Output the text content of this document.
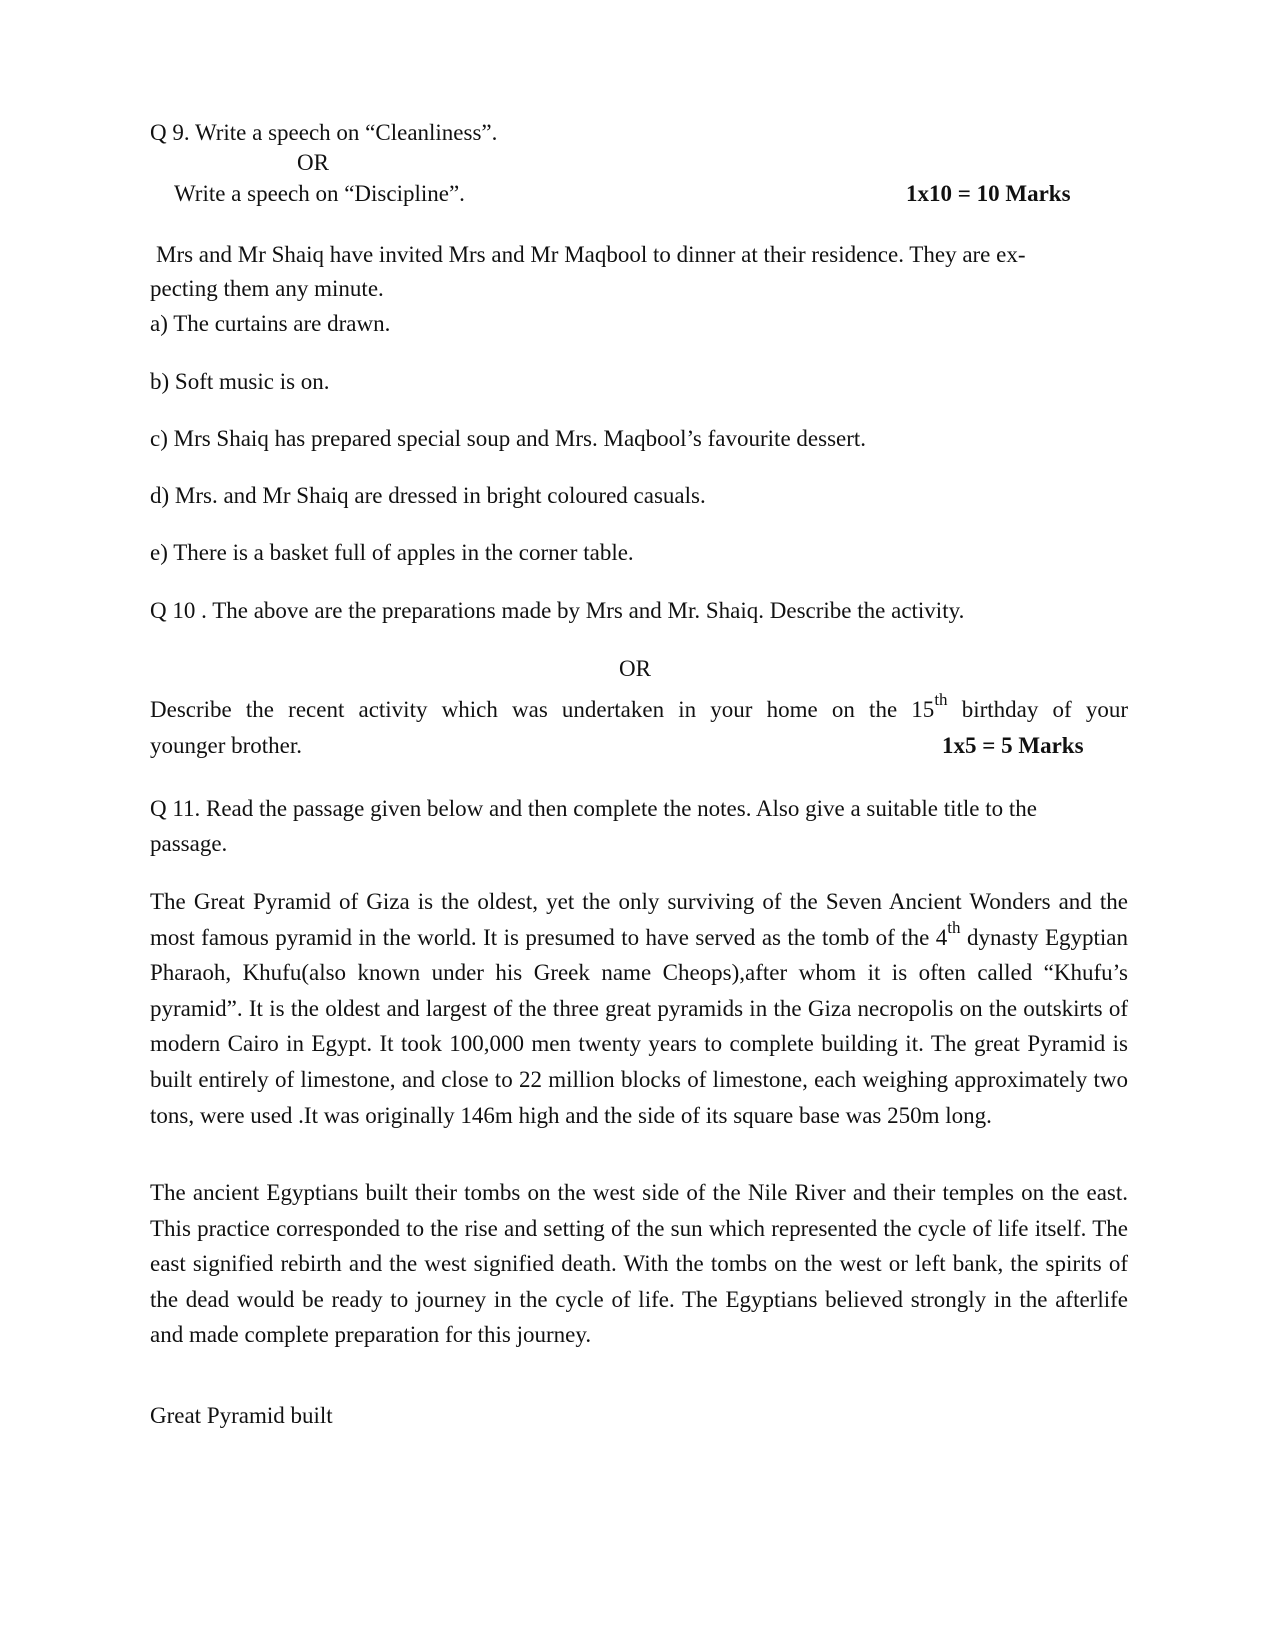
Q 9. Write a speech on “Cleanliness”.
OR
Write a speech on “Discipline”.	1x10 = 10 Marks
Mrs and Mr Shaiq have invited Mrs and Mr Maqbool to dinner at their residence. They are ex-
pecting them any minute.
a) The curtains are drawn.
b) Soft music is on.
c) Mrs Shaiq has prepared special soup and Mrs. Maqbool’s favourite dessert.
d) Mrs. and Mr Shaiq are dressed in bright coloured casuals.
e) There is a basket full of apples in the corner table.
Q 10 . The above are the preparations made by Mrs and Mr. Shaiq. Describe the activity.
OR
Describe the recent activity which was undertaken in your home on the 15th birthday of your
younger brother.	1x5 = 5 Marks
Q 11. Read the passage given below and then complete the notes. Also give a suitable title to the
passage.

The Great Pyramid of Giza is the oldest, yet the only surviving of the Seven Ancient Wonders and the most famous pyramid in the world. It is presumed to have served as the tomb of the 4th dynasty Egyptian Pharaoh, Khufu(also known under his Greek name Cheops),after whom it is often called “Khufu’s pyramid”. It is the oldest and largest of the three great pyramids in the Giza necropolis on the outskirts of modern Cairo in Egypt. It took 100,000 men twenty years to complete building it. The great Pyramid is built entirely of limestone, and close to 22 million blocks of limestone, each weighing approximately two tons, were used .It was originally 146m high and the side of its square base was 250m long.

The ancient Egyptians built their tombs on the west side of the Nile River and their temples on the east. This practice corresponded to the rise and setting of the sun which represented the cycle of life itself. The east signified rebirth and the west signified death. With the tombs on the west or left bank, the spirits of the dead would be ready to journey in the cycle of life. The Egyptians believed strongly in the afterlife and made complete preparation for this journey.

Great Pyramid built
